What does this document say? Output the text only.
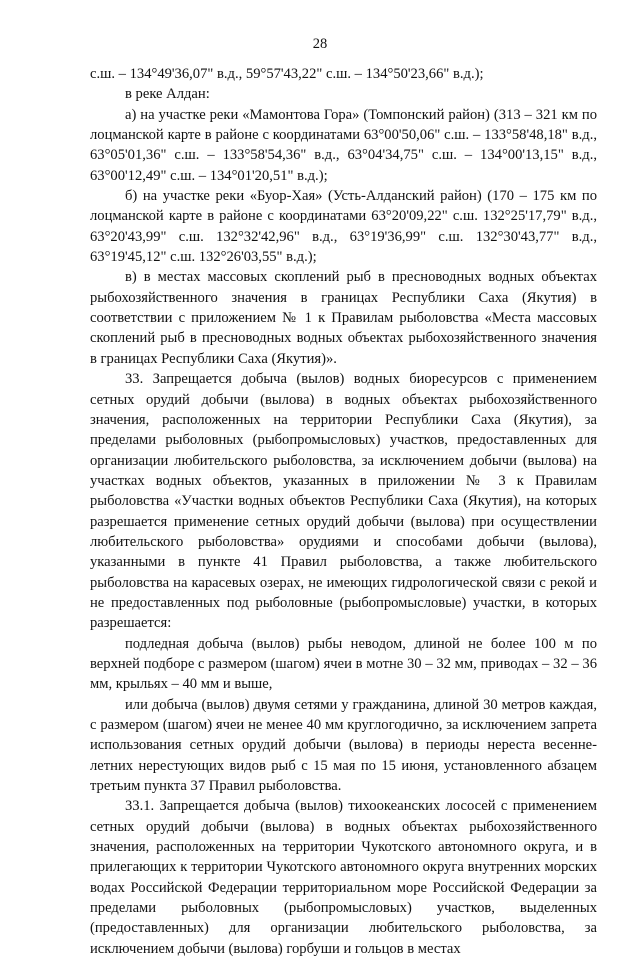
28

с.ш. – 134°49'36,07" в.д., 59°57'43,22" с.ш. – 134°50'23,66" в.д.);

в реке Алдан:

а) на участке реки «Мамонтова Гора» (Томпонский район) (313 – 321 км по лоцманской карте в районе с координатами 63°00'50,06" с.ш. – 133°58'48,18" в.д., 63°05'01,36" с.ш. – 133°58'54,36" в.д., 63°04'34,75" с.ш. – 134°00'13,15" в.д., 63°00'12,49" с.ш. – 134°01'20,51" в.д.);

б) на участке реки «Буор-Хая» (Усть-Алданский район) (170 – 175 км по лоцманской карте в районе с координатами 63°20'09,22" с.ш. 132°25'17,79" в.д., 63°20'43,99" с.ш. 132°32'42,96" в.д., 63°19'36,99" с.ш. 132°30'43,77" в.д., 63°19'45,12" с.ш. 132°26'03,55" в.д.);

в) в местах массовых скоплений рыб в пресноводных водных объектах рыбохозяйственного значения в границах Республики Саха (Якутия) в соответствии с приложением № 1 к Правилам рыболовства «Места массовых скоплений рыб в пресноводных водных объектах рыбохозяйственного значения в границах Республики Саха (Якутия)».

33. Запрещается добыча (вылов) водных биоресурсов с применением сетных орудий добычи (вылова) в водных объектах рыбохозяйственного значения, расположенных на территории Республики Саха (Якутия), за пределами рыболовных (рыбопромысловых) участков, предоставленных для организации любительского рыболовства, за исключением добычи (вылова) на участках водных объектов, указанных в приложении № 3 к Правилам рыболовства «Участки водных объектов Республики Саха (Якутия), на которых разрешается применение сетных орудий добычи (вылова) при осуществлении любительского рыболовства» орудиями и способами добычи (вылова), указанными в пункте 41 Правил рыболовства, а также любительского рыболовства на карасевых озерах, не имеющих гидрологической связи с рекой и не предоставленных под рыболовные (рыбопромысловые) участки, в которых разрешается:

подледная добыча (вылов) рыбы неводом, длиной не более 100 м по верхней подборе с размером (шагом) ячеи в мотне 30 – 32 мм, приводах – 32 – 36 мм, крыльях – 40 мм и выше,

или добыча (вылов) двумя сетями у гражданина, длиной 30 метров каждая, с размером (шагом) ячеи не менее 40 мм круглогодично, за исключением запрета использования сетных орудий добычи (вылова) в периоды нереста весенне-летних нерестующих видов рыб с 15 мая по 15 июня, установленного абзацем третьим пункта 37 Правил рыболовства.

33.1. Запрещается добыча (вылов) тихоокеанских лососей с применением сетных орудий добычи (вылова) в водных объектах рыбохозяйственного значения, расположенных на территории Чукотского автономного округа, и в прилегающих к территории Чукотского автономного округа внутренних морских водах Российской Федерации территориальном море Российской Федерации за пределами рыболовных (рыбопромысловых) участков, выделенных (предоставленных) для организации любительского рыболовства, за исключением добычи (вылова) горбуши и гольцов в местах
